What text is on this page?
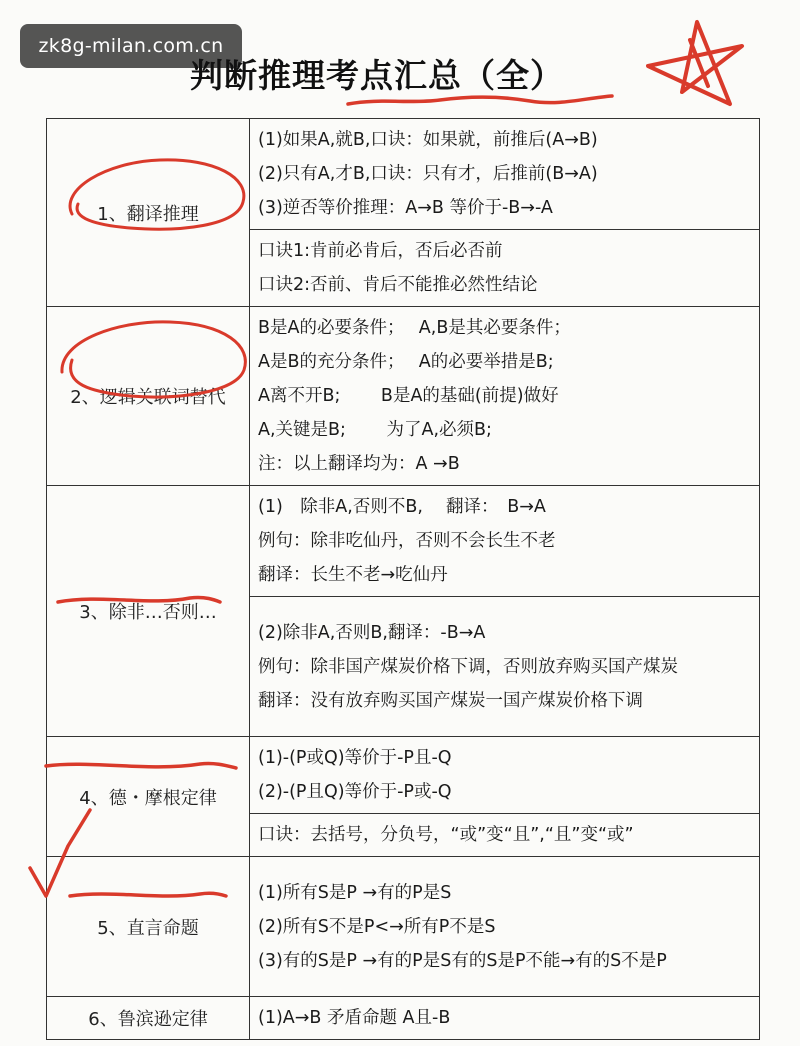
zk8g-milan.com.cn
判断推理考点汇总（全）
1、翻译推理	(1)如果A,就B,口诀：如果就，前推后(A→B)
(2)只有A,才B,口诀：只有才，后推前(B→A)
(3)逆否等价推理：A→B 等价于-B→-A

	口诀1:肯前必肯后，否后必否前
口诀2:否前、肯后不能推必然性结论

2、逻辑关联词替代	B是A的必要条件；　 A,B是其必要条件；
A是B的充分条件；　 A的必要举措是B;
A离不开B;　　 B是A的基础(前提)做好
A,关键是B;　　 为了A,必须B;
注：以上翻译均为：A →B

3、除非…否则…	(1)　除非A,否则不B,　 翻译：　B→A
例句：除非吃仙丹，否则不会长生不老
翻译：长生不老→吃仙丹

	(2)除非A,否则B,翻译：-B→A
例句：除非国产煤炭价格下调，否则放弃购买国产煤炭
翻译：没有放弃购买国产煤炭一国产煤炭价格下调

4、德・摩根定律	(1)-(P或Q)等价于-P且-Q
(2)-(P且Q)等价于-P或-Q

	口诀：去括号，分负号，“或”变“且”,“且”变“或”

5、直言命题	(1)所有S是P →有的P是S
(2)所有S不是P<→所有P不是S
(3)有的S是P →有的P是S有的S是P不能→有的S不是P

6、鲁滨逊定律	(1)A→B 矛盾命题 A且-B
